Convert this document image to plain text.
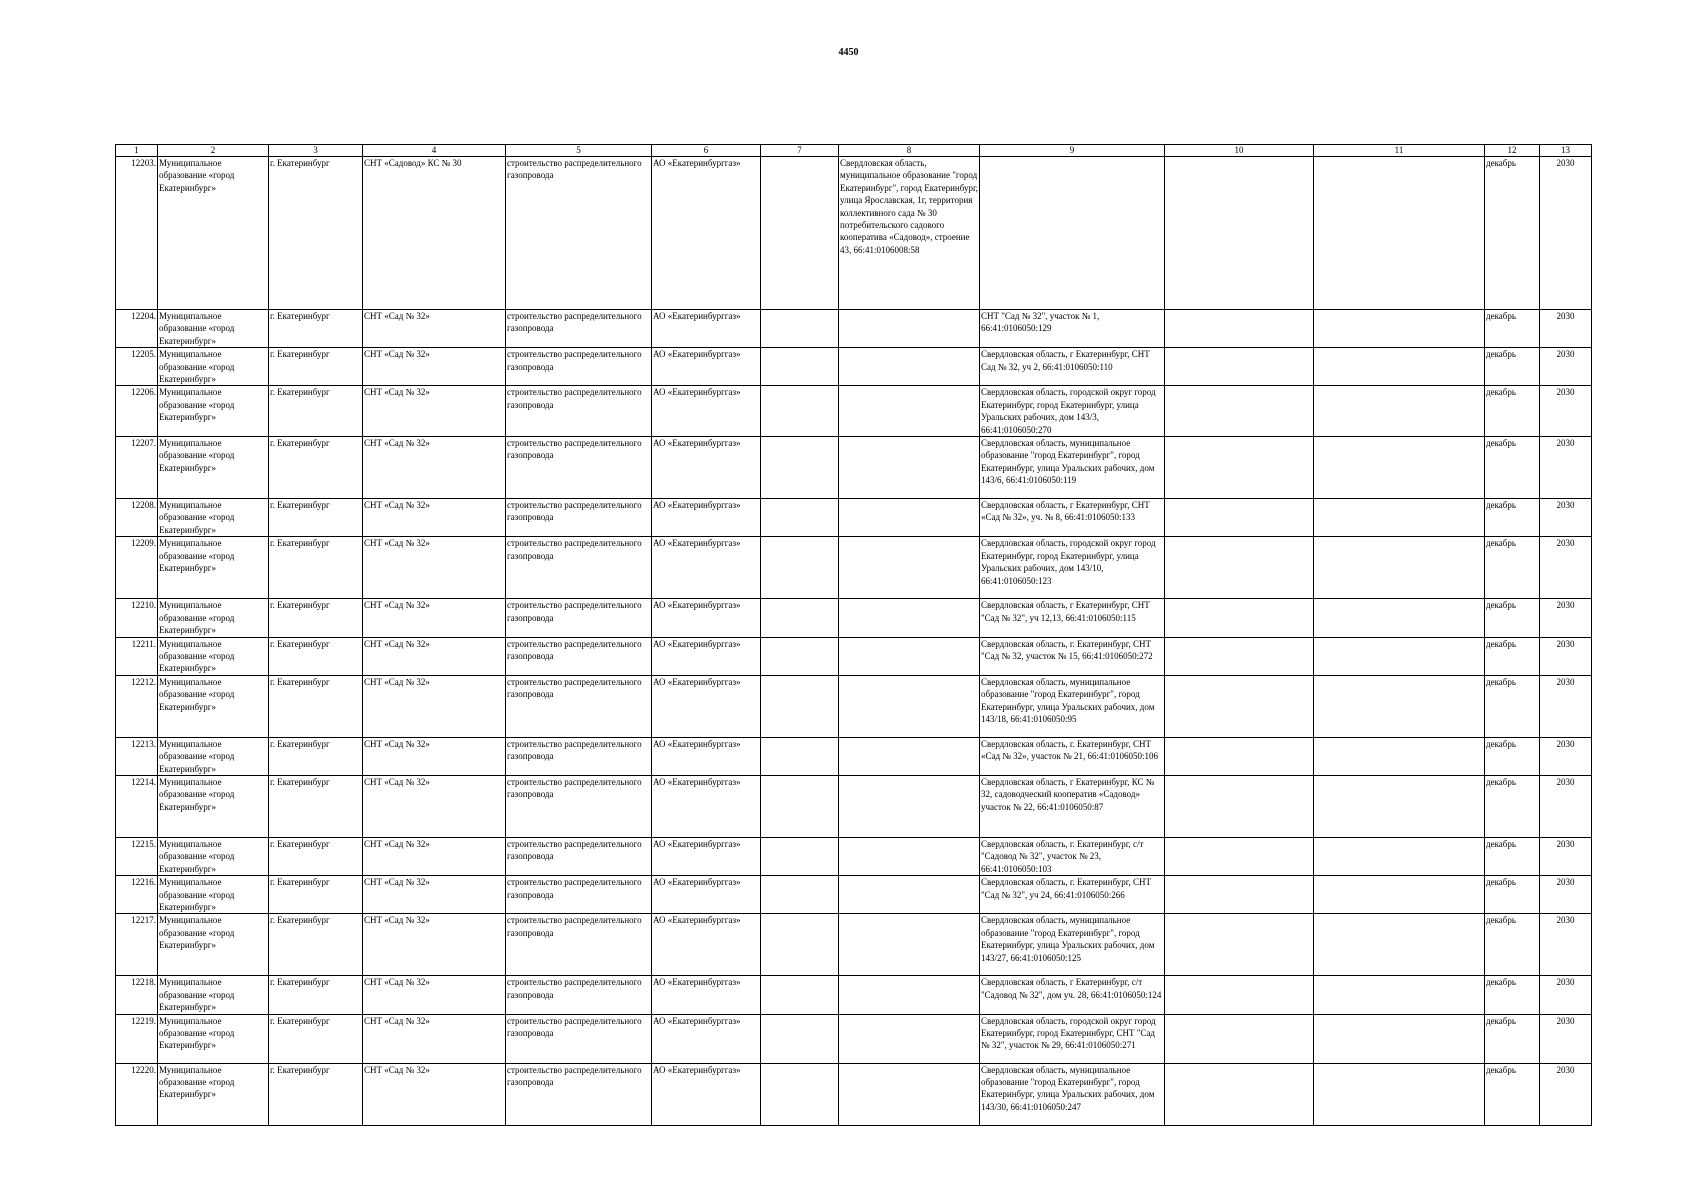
4450
1	2	3	4	5	6	7	8	9	10	11	12	13
12203.	Муниципальное образование «город Екатеринбург»	г. Екатеринбург	СНТ «Садовод» КС № 30	строительство распределительного газопровода	АО «Екатеринбурггаз»		Свердловская область, муниципальное образование "город Екатеринбург", город Екатеринбург, улица Ярославская, 1г, территория коллективного сада № 30 потребительского садового кооператива «Садовод», строение 43, 66:41:0106008:58				декабрь	2030
12204.	Муниципальное образование «город Екатеринбург»	г. Екатеринбург	СНТ «Сад № 32»	строительство распределительного газопровода	АО «Екатеринбурггаз»			СНТ "Сад № 32", участок № 1, 66:41:0106050:129			декабрь	2030
12205.	Муниципальное образование «город Екатеринбург»	г. Екатеринбург	СНТ «Сад № 32»	строительство распределительного газопровода	АО «Екатеринбурггаз»			Свердловская область, г Екатеринбург, СНТ Сад № 32, уч 2, 66:41:0106050:110			декабрь	2030
12206.	Муниципальное образование «город Екатеринбург»	г. Екатеринбург	СНТ «Сад № 32»	строительство распределительного газопровода	АО «Екатеринбурггаз»			Свердловская область, городской округ город Екатеринбург, город Екатеринбург, улица Уральских рабочих, дом 143/3, 66:41:0106050:270			декабрь	2030
12207.	Муниципальное образование «город Екатеринбург»	г. Екатеринбург	СНТ «Сад № 32»	строительство распределительного газопровода	АО «Екатеринбурггаз»			Свердловская область, муниципальное образование "город Екатеринбург", город Екатеринбург, улица Уральских рабочих, дом 143/6, 66:41:0106050:119			декабрь	2030
12208.	Муниципальное образование «город Екатеринбург»	г. Екатеринбург	СНТ «Сад № 32»	строительство распределительного газопровода	АО «Екатеринбурггаз»			Свердловская область, г Екатеринбург, СНТ «Сад № 32», уч. № 8, 66:41:0106050:133			декабрь	2030
12209.	Муниципальное образование «город Екатеринбург»	г. Екатеринбург	СНТ «Сад № 32»	строительство распределительного газопровода	АО «Екатеринбурггаз»			Свердловская область, городской округ город Екатеринбург, город Екатеринбург, улица Уральских рабочих, дом 143/10, 66:41:0106050:123			декабрь	2030
12210.	Муниципальное образование «город Екатеринбург»	г. Екатеринбург	СНТ «Сад № 32»	строительство распределительного газопровода	АО «Екатеринбурггаз»			Свердловская область, г Екатеринбург, СНТ "Сад № 32", уч 12,13, 66:41:0106050:115			декабрь	2030
12211.	Муниципальное образование «город Екатеринбург»	г. Екатеринбург	СНТ «Сад № 32»	строительство распределительного газопровода	АО «Екатеринбурггаз»			Свердловская область, г. Екатеринбург, СНТ "Сад № 32, участок № 15, 66:41:0106050:272			декабрь	2030
12212.	Муниципальное образование «город Екатеринбург»	г. Екатеринбург	СНТ «Сад № 32»	строительство распределительного газопровода	АО «Екатеринбурггаз»			Свердловская область, муниципальное образование "город Екатеринбург", город Екатеринбург, улица Уральских рабочих, дом 143/18, 66:41:0106050:95			декабрь	2030
12213.	Муниципальное образование «город Екатеринбург»	г. Екатеринбург	СНТ «Сад № 32»	строительство распределительного газопровода	АО «Екатеринбурггаз»			Свердловская область, г. Екатеринбург, СНТ «Сад № 32», участок № 21, 66:41:0106050:106			декабрь	2030
12214.	Муниципальное образование «город Екатеринбург»	г. Екатеринбург	СНТ «Сад № 32»	строительство распределительного газопровода	АО «Екатеринбурггаз»			Свердловская область, г Екатеринбург, КС № 32, садоводческий кооператив «Садовод» участок № 22, 66:41:0106050:87			декабрь	2030
12215.	Муниципальное образование «город Екатеринбург»	г. Екатеринбург	СНТ «Сад № 32»	строительство распределительного газопровода	АО «Екатеринбурггаз»			Свердловская область, г. Екатеринбург, с/т "Садовод № 32", участок № 23, 66:41:0106050:103			декабрь	2030
12216.	Муниципальное образование «город Екатеринбург»	г. Екатеринбург	СНТ «Сад № 32»	строительство распределительного газопровода	АО «Екатеринбурггаз»			Свердловская область, г. Екатеринбург, СНТ "Сад № 32", уч 24, 66:41:0106050:266			декабрь	2030
12217.	Муниципальное образование «город Екатеринбург»	г. Екатеринбург	СНТ «Сад № 32»	строительство распределительного газопровода	АО «Екатеринбурггаз»			Свердловская область, муниципальное образование "город Екатеринбург", город Екатеринбург, улица Уральских рабочих, дом 143/27, 66:41:0106050:125			декабрь	2030
12218.	Муниципальное образование «город Екатеринбург»	г. Екатеринбург	СНТ «Сад № 32»	строительство распределительного газопровода	АО «Екатеринбурггаз»			Свердловская область, г Екатеринбург, с/т "Садовод № 32", дом уч. 28, 66:41:0106050:124			декабрь	2030
12219.	Муниципальное образование «город Екатеринбург»	г. Екатеринбург	СНТ «Сад № 32»	строительство распределительного газопровода	АО «Екатеринбурггаз»			Свердловская область, городской округ город Екатеринбург, город Екатеринбург, СНТ "Сад № 32", участок № 29, 66:41:0106050:271			декабрь	2030
12220.	Муниципальное образование «город Екатеринбург»	г. Екатеринбург	СНТ «Сад № 32»	строительство распределительного газопровода	АО «Екатеринбурггаз»			Свердловская область, муниципальное образование "город Екатеринбург", город Екатеринбург, улица Уральских рабочих, дом 143/30, 66:41:0106050:247			декабрь	2030
